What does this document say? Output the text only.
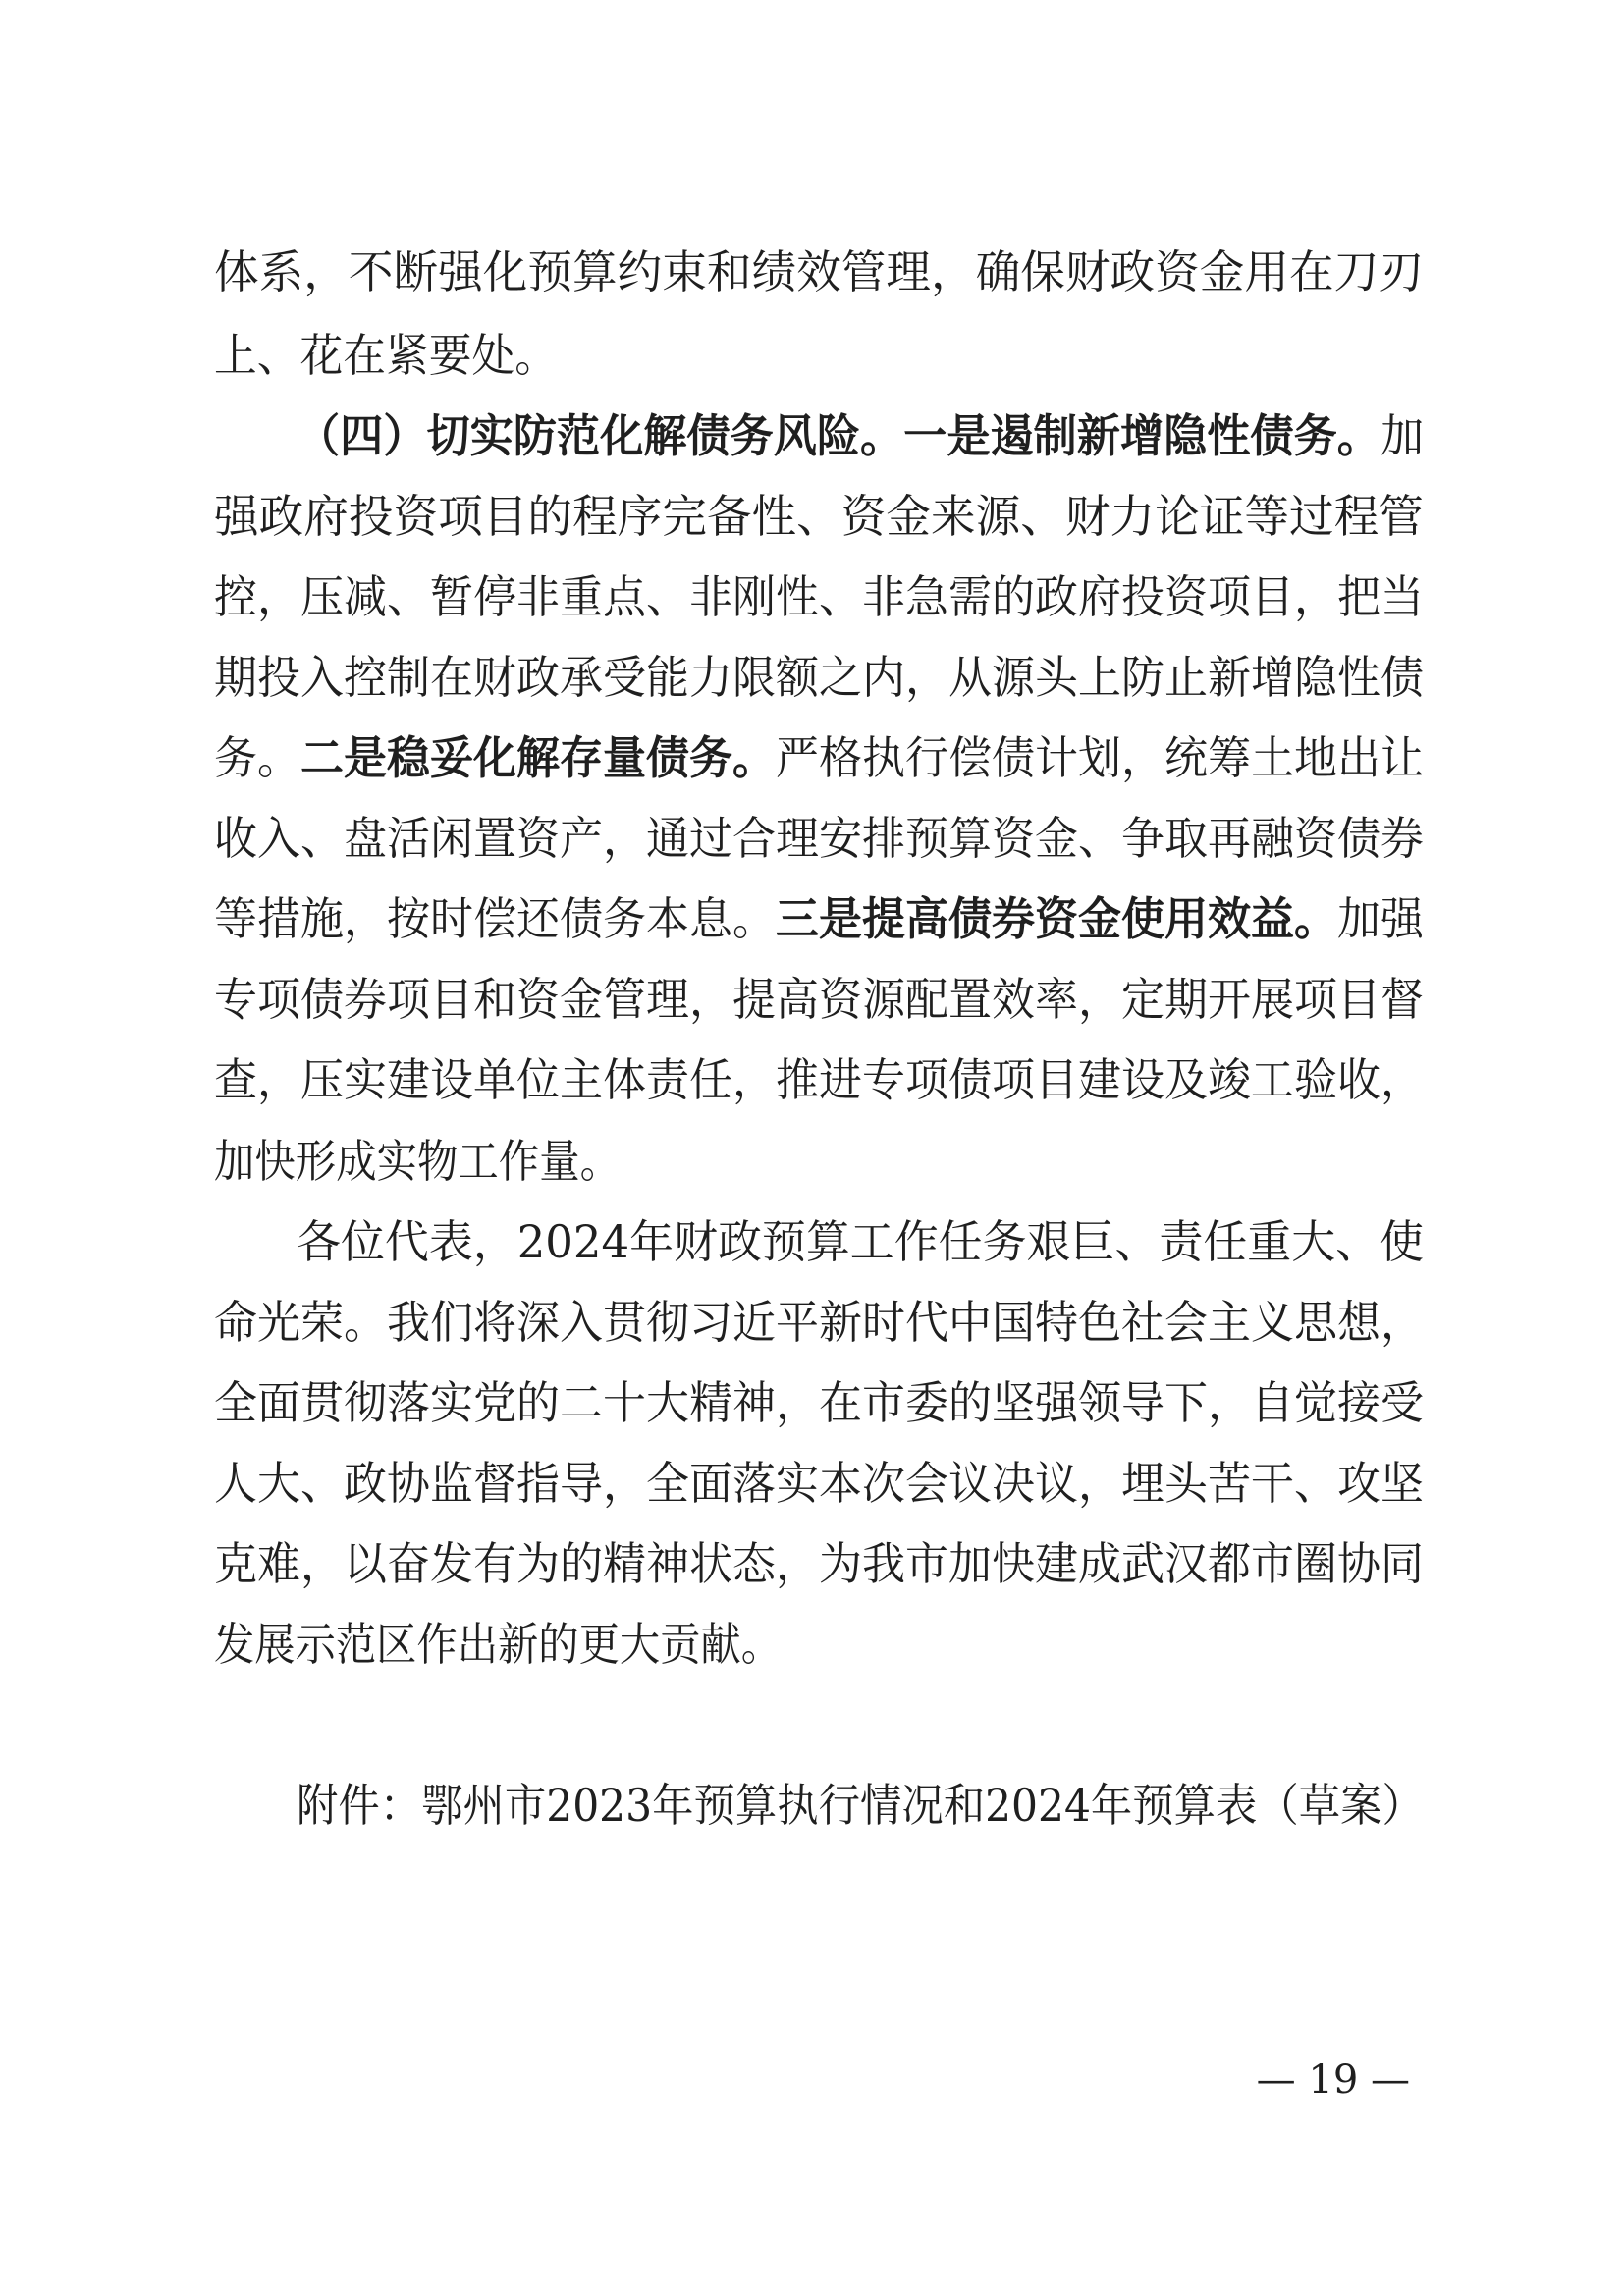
体系，不断强化预算约束和绩效管理，确保财政资金用在刀刃
上、花在紧要处。
（四）切实防范化解债务风险。一是遏制新增隐性债务。 加
强政府投资项目的程序完备性、资金来源、财力论证等过程管
控，压减、暂停非重点、非刚性、非急需的政府投资项目，把当
期投入控制在财政承受能力限额之内，从源头上防止新增隐性债
务。 二是稳妥化解存量债务。 严格执行偿债计划，统筹土地出让
收入、盘活闲置资产，通过合理安排预算资金、争取再融资债券
等措施，按时偿还债务本息。 三是提高债券资金使用效益。 加强
专项债券项目和资金管理，提高资源配置效率，定期开展项目督
查，压实建设单位主体责任，推进专项债项目建设及竣工验收，
加快形成实物工作量。
各位代表，2024年财政预算工作任务艰巨、责任重大、使
命光荣。我们将深入贯彻习近平新时代中国特色社会主义思想，
全面贯彻落实党的二十大精神，在市委的坚强领导下，自觉接受
人大、政协监督指导，全面落实本次会议决议，埋头苦干、攻坚
克难，以奋发有为的精神状态，为我市加快建成武汉都市圈协同
发展示范区作出新的更大贡献。
附件：鄂州市2023年预算执行情况和2024年预算表（草案）
— 19 —
